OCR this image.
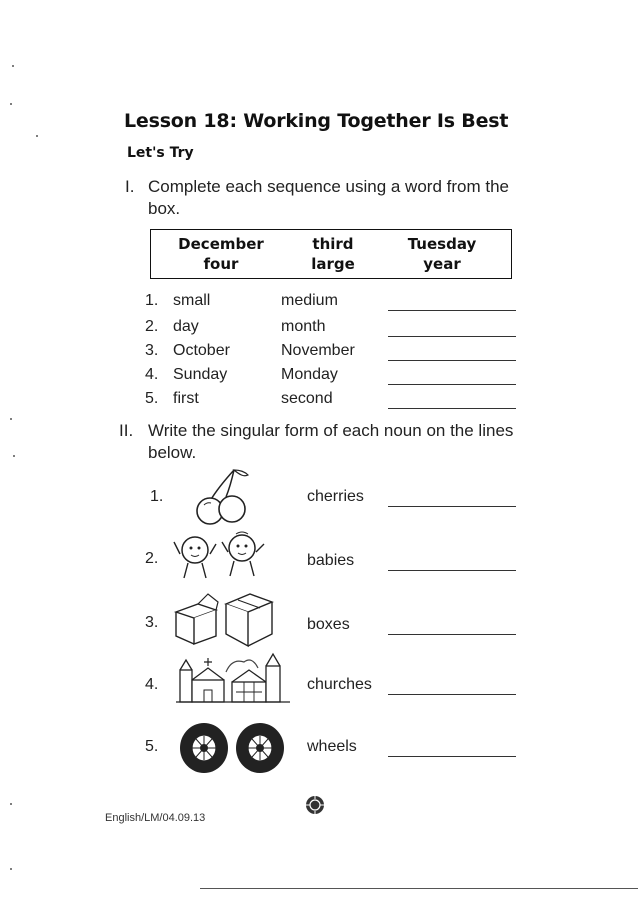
Lesson 18: Working Together Is Best
Let's Try
I. Complete each sequence using a word from the box.
December	third	Tuesday
four	large	year
1. small	medium
2. day	month
3. October	November
4. Sunday	Monday
5. first	second
II. Write the singular form of each noun on the lines below.
1.	cherries
2.	babies
3.	boxes
4.	churches
5.	wheels
English/LM/04.09.13
